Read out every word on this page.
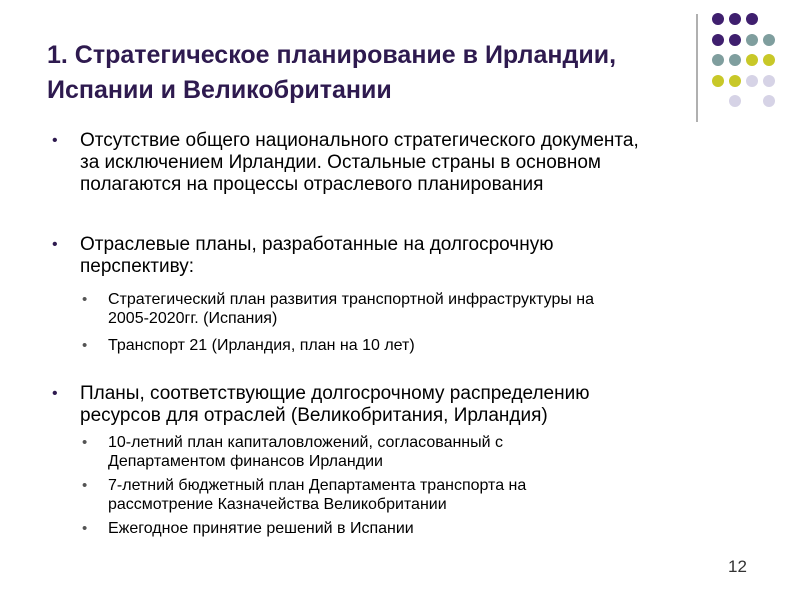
1. Стратегическое планирование в Ирландии,
Испании и Великобритании
• Отсутствие общего национального стратегического документа,
за исключением Ирландии. Остальные страны в основном
полагаются на процессы отраслевого планирования
• Отраслевые планы, разработанные на долгосрочную
перспективу:
• Стратегический план развития транспортной инфраструктуры на
2005-2020гг. (Испания)
• Транспорт 21 (Ирландия, план на 10 лет)
• Планы, соответствующие долгосрочному распределению
ресурсов для отраслей (Великобритания, Ирландия)
• 10-летний план капиталовложений, согласованный с
Департаментом финансов Ирландии
• 7-летний бюджетный план Департамента транспорта на
рассмотрение Казначейства Великобритании
• Ежегодное принятие решений в Испании
12
